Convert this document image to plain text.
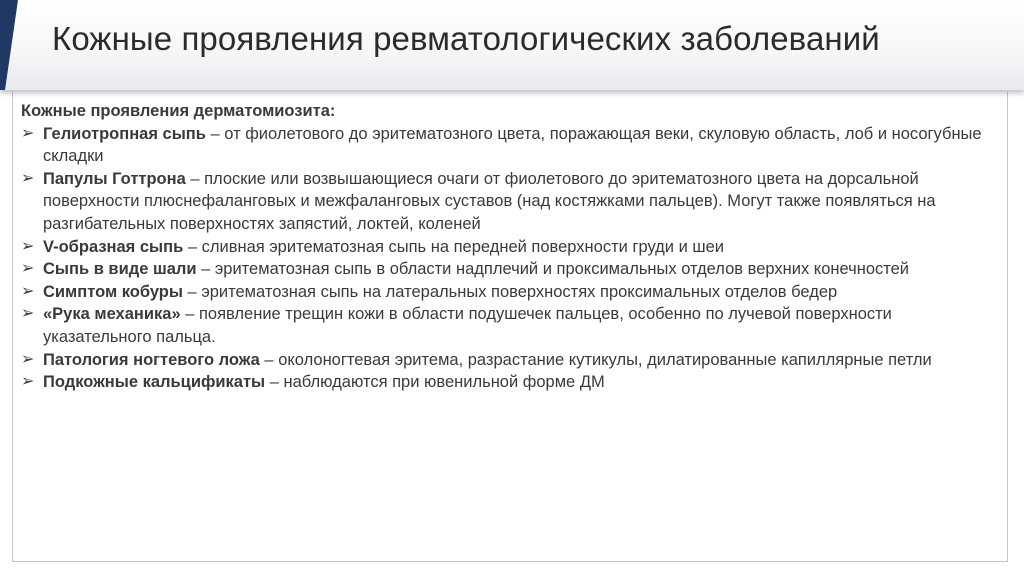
Кожные проявления ревматологических заболеваний

Кожные проявления дерматомиозита:

➢ Гелиотропная сыпь – от фиолетового до эритематозного цвета, поражающая веки, скуловую область, лоб и носогубные складки
➢ Папулы Готтрона – плоские или возвышающиеся очаги от фиолетового до эритематозного цвета на дорсальной поверхности плюснефаланговых и межфаланговых суставов (над костяжками пальцев). Могут также появляться на разгибательных поверхностях запястий, локтей, коленей
➢ V-образная сыпь – сливная эритематозная сыпь на передней поверхности груди и шеи
➢ Сыпь в виде шали – эритематозная сыпь в области надплечий и проксимальных отделов верхних конечностей
➢ Симптом кобуры – эритематозная сыпь на латеральных поверхностях проксимальных отделов бедер
➢ «Рука механика» – появление трещин кожи в области подушечек пальцев, особенно по лучевой поверхности указательного пальца.
➢ Патология ногтевого ложа – околоногтевая эритема, разрастание кутикулы, дилатированные капиллярные петли
➢ Подкожные кальцификаты – наблюдаются при ювенильной форме ДМ
